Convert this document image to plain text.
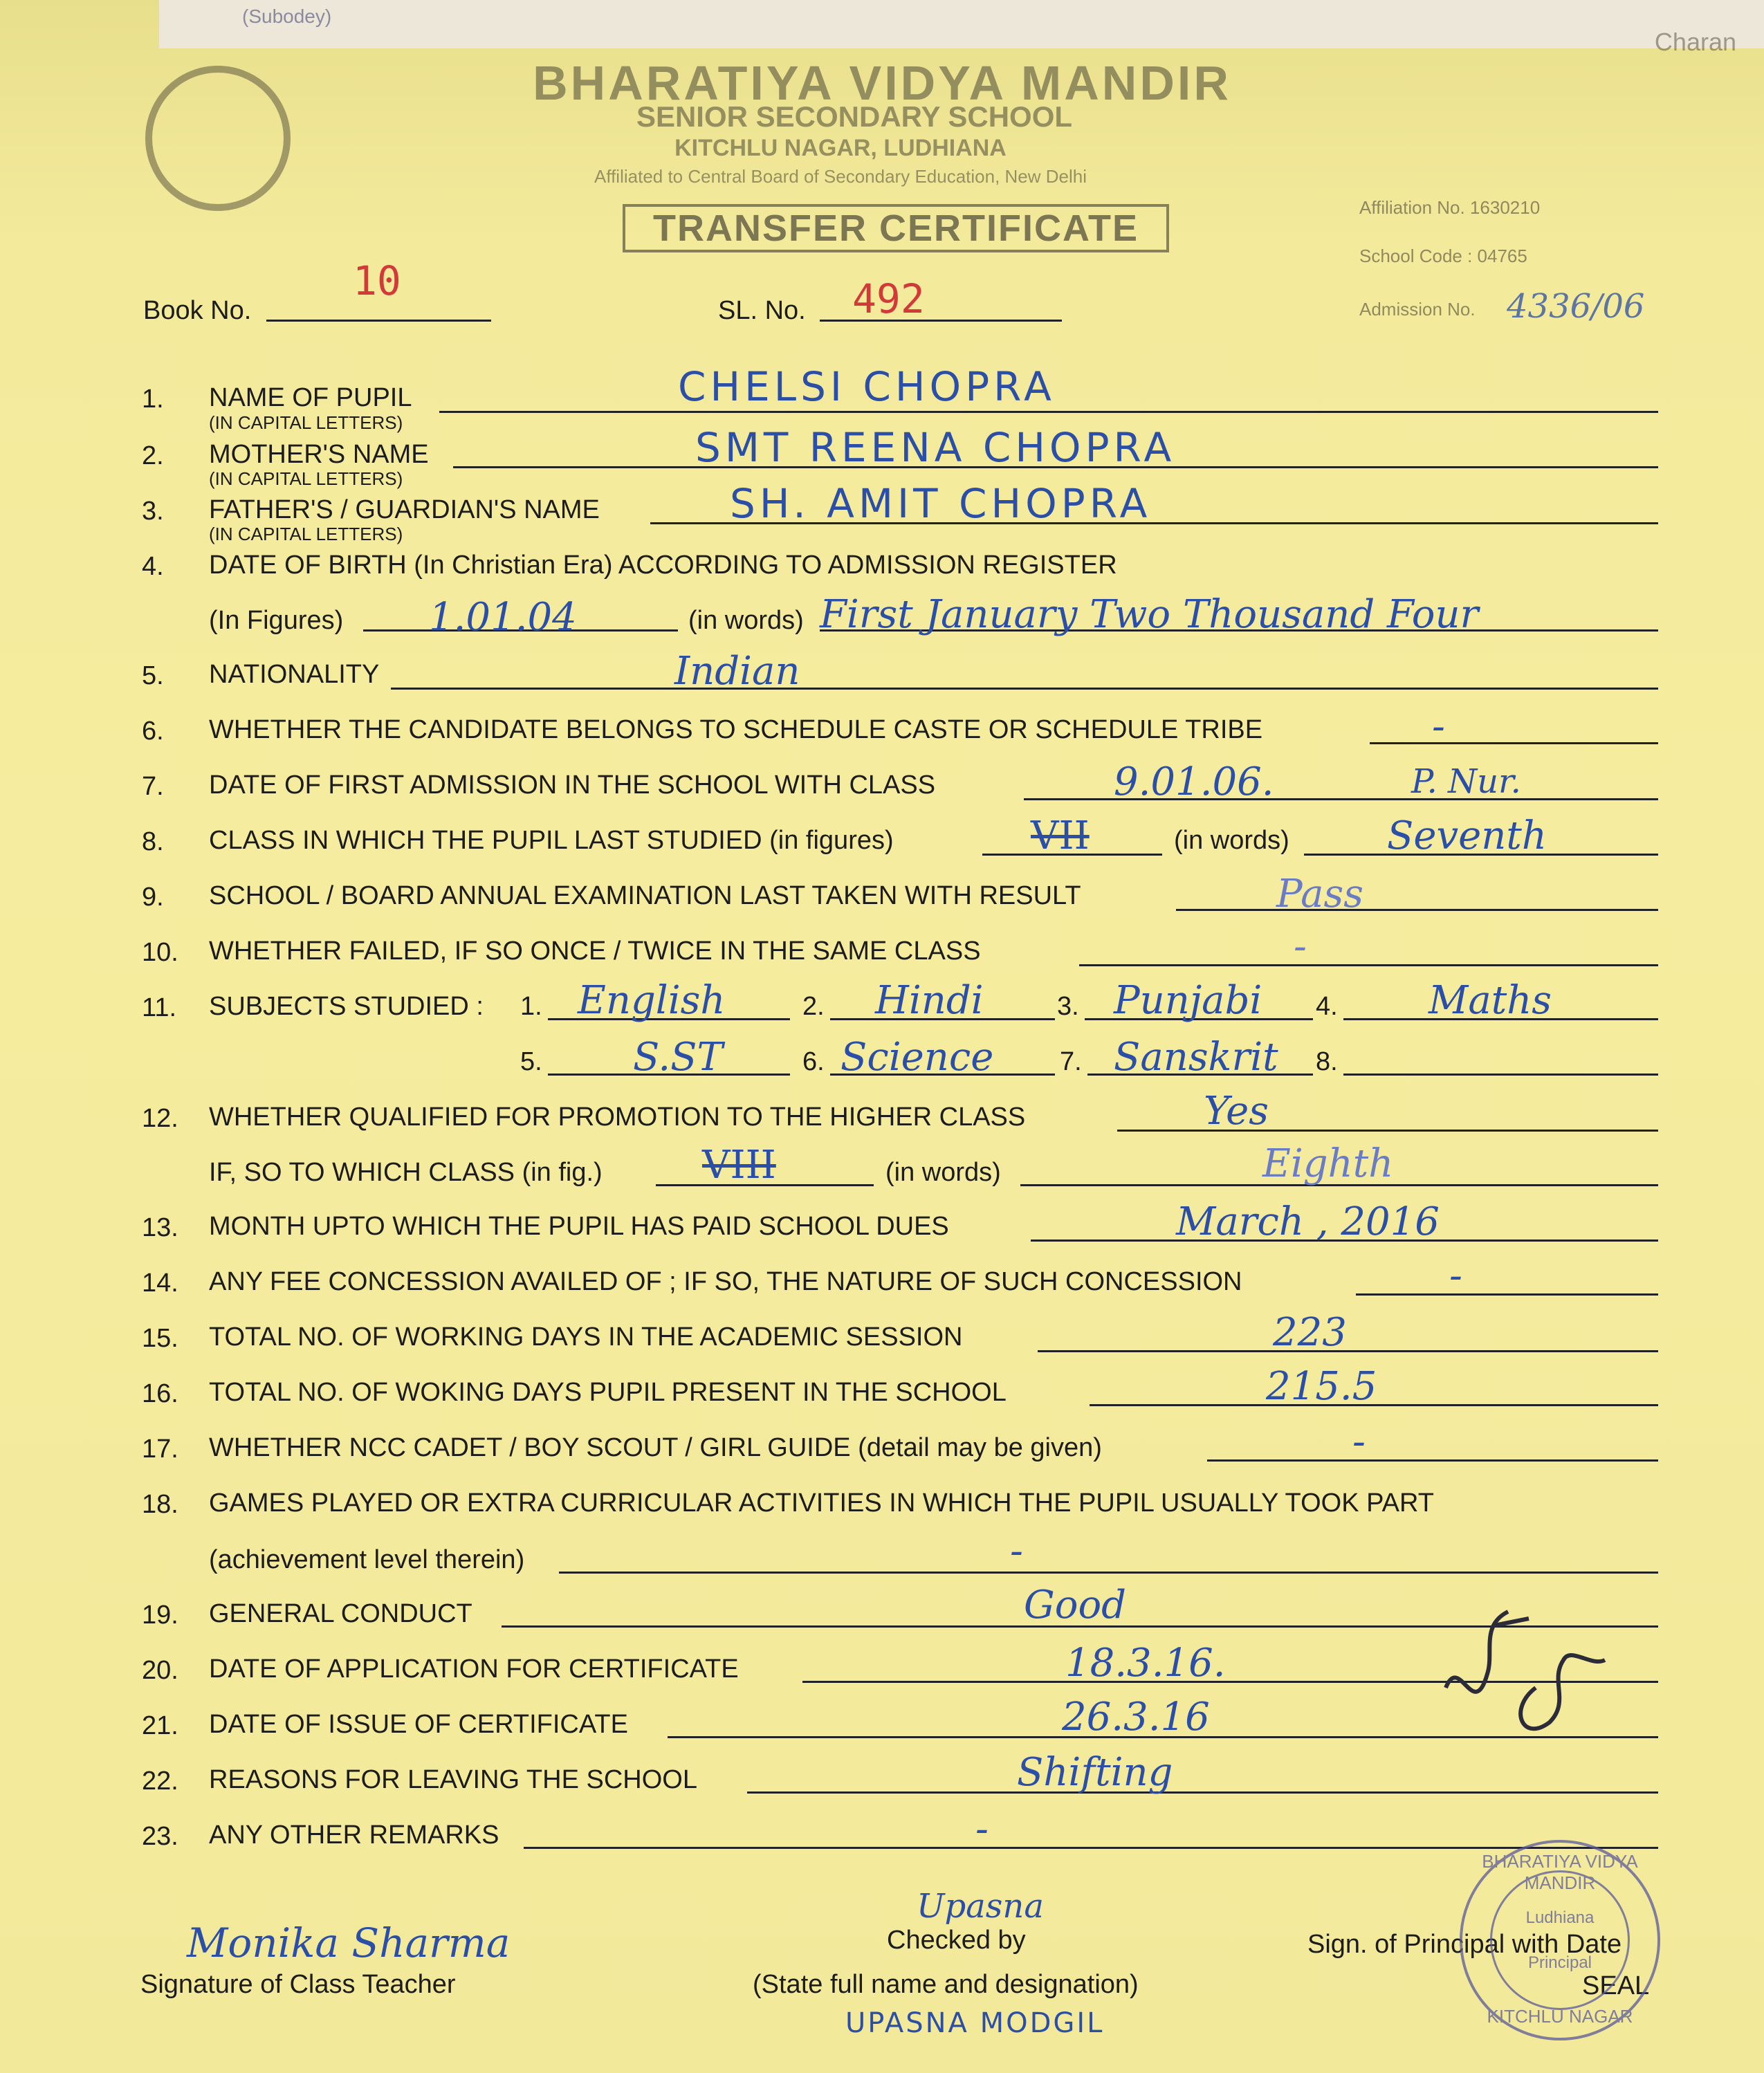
(Subodey)
BHARATIYA VIDYA MANDIR
SENIOR SECONDARY SCHOOL
KITCHLU NAGAR, LUDHIANA
Affiliated to Central Board of Secondary Education, New Delhi
Charan
TRANSFER CERTIFICATE	Affiliation No. 1630210
School Code : 04765
Admission No. 4336/06
Book No.
10
SL. No. 492
1. NAME OF PUPIL
(IN CAPITAL LETTERS)
CHELSI CHOPRA
2. MOTHER'S NAME
(IN CAPITAL LETTERS)
SMT REENA CHOPRA
3. FATHER'S / GUARDIAN'S NAME
(IN CAPITAL LETTERS)
SH. AMIT CHOPRA
4. DATE OF BIRTH (In Christian Era) ACCORDING TO ADMISSION REGISTER
(In Figures) 1.01.04	(in words) First January Two Thousand Four
5. NATIONALITY	Indian
6. WHETHER THE CANDIDATE BELONGS TO SCHEDULE CASTE OR SCHEDULE TRIBE	-
7. DATE OF FIRST ADMISSION IN THE SCHOOL WITH CLASS	9.01.06.	P. Nur.
8. CLASS IN WHICH THE PUPIL LAST STUDIED (in figures)	VII	(in words)	Seventh
9. SCHOOL / BOARD ANNUAL EXAMINATION LAST TAKEN WITH RESULT	Pass
10. WHETHER FAILED, IF SO ONCE / TWICE IN THE SAME CLASS	-
11. SUBJECTS STUDIED : 1. English	2. Hindi	3. Punjabi 4. Maths
5. S.ST	6. Science	7. Sanskrit 8.
12. WHETHER QUALIFIED FOR PROMOTION TO THE HIGHER CLASS	Yes
IF, SO TO WHICH CLASS (in fig.)	VIII	(in words)	Eighth
13. MONTH UPTO WHICH THE PUPIL HAS PAID SCHOOL DUES	March , 2016
14. ANY FEE CONCESSION AVAILED OF ; IF SO, THE NATURE OF SUCH CONCESSION	-
15. TOTAL NO. OF WORKING DAYS IN THE ACADEMIC SESSION	223
16. TOTAL NO. OF WOKING DAYS PUPIL PRESENT IN THE SCHOOL	215.5
17. WHETHER NCC CADET / BOY SCOUT / GIRL GUIDE (detail may be given)	-
18. GAMES PLAYED OR EXTRA CURRICULAR ACTIVITIES IN WHICH THE PUPIL USUALLY TOOK PART
(achievement level therein)	-
19. GENERAL CONDUCT	Good
20. DATE OF APPLICATION FOR CERTIFICATE	18.3.16.
21. DATE OF ISSUE OF CERTIFICATE	26.3.16
22. REASONS FOR LEAVING THE SCHOOL	Shifting
23. ANY OTHER REMARKS	-
Monika Sharma
Signature of Class Teacher
Upasna
Checked by
(State full name and designation)
UPASNA MODGIL
Sign. of Principal with Date
SEAL
BHARATIYA VIDYA MANDIR
Ludhiana
Principal
KITCHLU NAGAR
